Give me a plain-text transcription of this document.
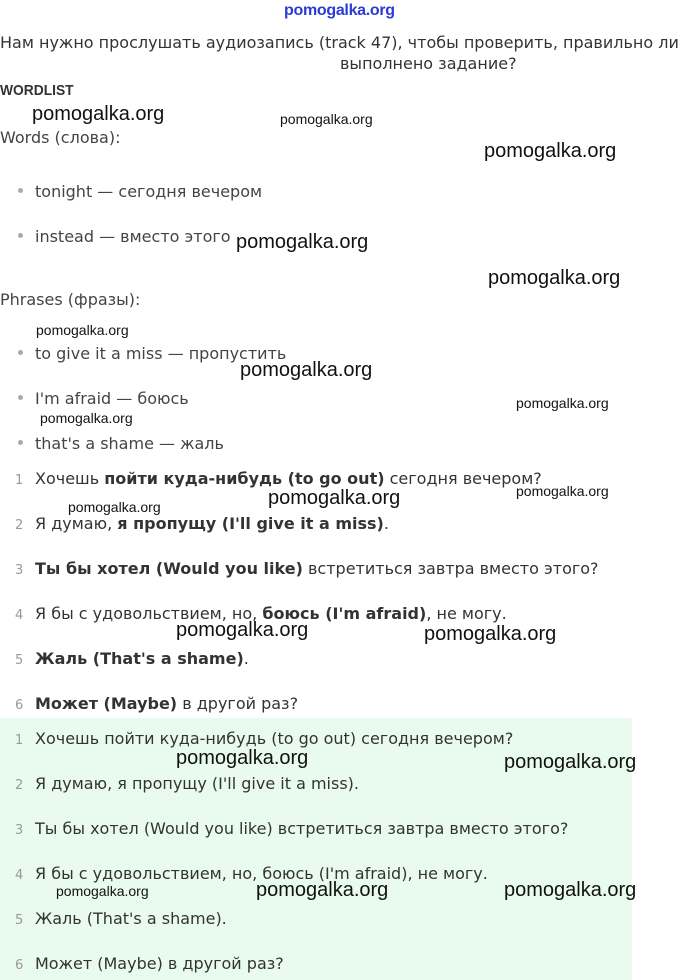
pomogalka.org
Нам нужно прослушать аудиозапись (track 47), чтобы проверить, правильно ли
выполнено задание?
WORDLIST
Words (слова):
tonight — сегодня вечером
instead — вместо этого
Phrases (фразы):
to give it a miss — пропустить
I'm afraid — боюсь
that's a shame — жаль
1 Хочешь пойти куда-нибудь (to go out) сегодня вечером?
2 Я думаю, я пропущу (I'll give it a miss).
3 Ты бы хотел (Would you like) встретиться завтра вместо этого?
4 Я бы с удовольствием, но, боюсь (I'm afraid), не могу.
5 Жаль (That's a shame).
6 Может (Maybe) в другой раз?
1 Хочешь пойти куда-нибудь (to go out) сегодня вечером?
2 Я думаю, я пропущу (I'll give it a miss).
3 Ты бы хотел (Would you like) встретиться завтра вместо этого?
4 Я бы с удовольствием, но, боюсь (I'm afraid), не могу.
5 Жаль (That's a shame).
6 Может (Maybe) в другой раз?
pomogalka.org	pomogalka.org
pomogalka.org
pomogalka.org
pomogalka.org
pomogalka.org
pomogalka.org
pomogalka.org
pomogalka.org
pomogalka.org	pomogalka.org
pomogalka.org
pomogalka.org	pomogalka.org
pomogalka.org	pomogalka.org
pomogalka.org	pomogalka.org	pomogalka.org
